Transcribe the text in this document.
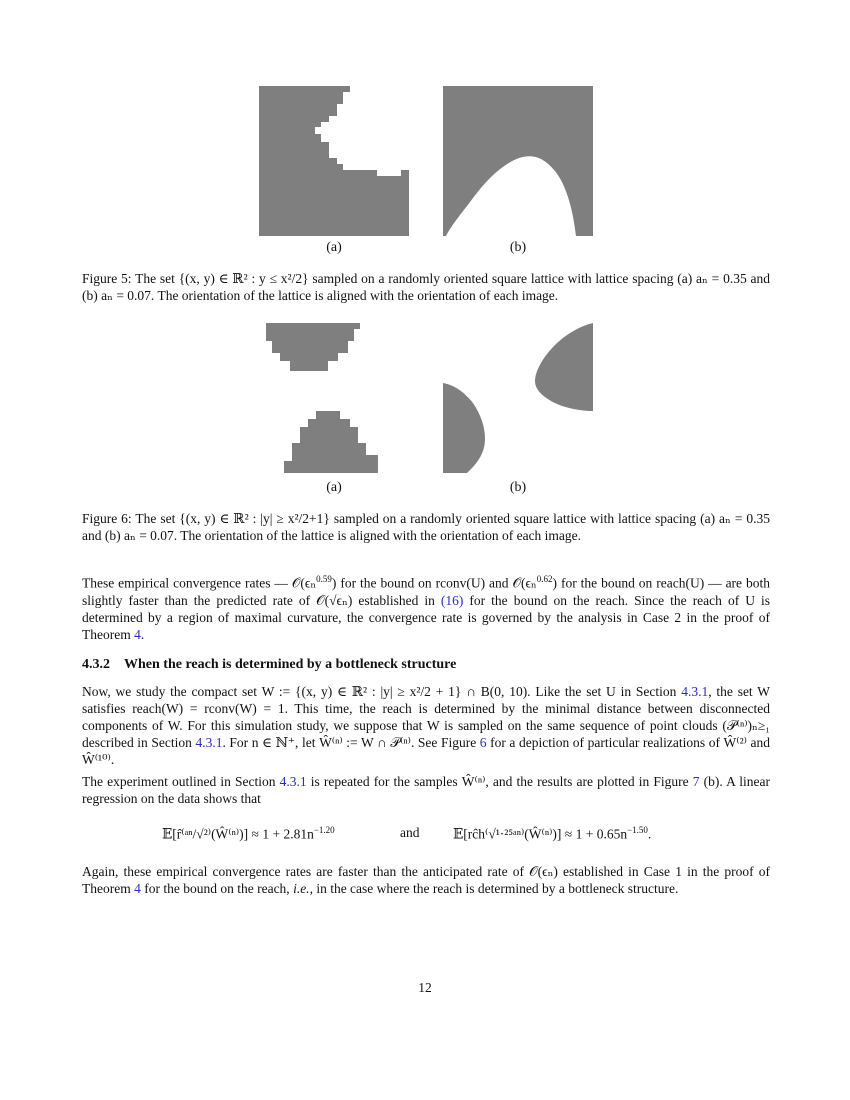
(a)	(b)
Figure 5: The set {(x, y) ∈ ℝ² : y ≤ x²/2} sampled on a randomly oriented square lattice with lattice spacing (a) aₙ = 0.35 and (b) aₙ = 0.07. The orientation of the lattice is aligned with the orientation of each image.
(a)	(b)
Figure 6: The set {(x, y) ∈ ℝ² : |y| ≥ x²/2+1} sampled on a randomly oriented square lattice with lattice spacing (a) aₙ = 0.35 and (b) aₙ = 0.07. The orientation of the lattice is aligned with the orientation of each image.
These empirical convergence rates — 𝒪(ϵₙ$^{0.59}$) for the bound on rconv(U) and 𝒪(ϵₙ$^{0.62}$) for the bound on reach(U) — are both slightly faster than the predicted rate of 𝒪(√ϵₙ) established in (16) for the bound on the reach. Since the reach of U is determined by a region of maximal curvature, the convergence rate is governed by the analysis in Case 2 in the proof of Theorem 4.
4.3.2 When the reach is determined by a bottleneck structure
Now, we study the compact set W := {(x, y) ∈ ℝ² : |y| ≥ x²/2 + 1} ∩ B(0, 10). Like the set U in Section 4.3.1, the set W satisfies reach(W) = rconv(W) = 1. This time, the reach is determined by the minimal distance between disconnected components of W. For this simulation study, we suppose that W is sampled on the same sequence of point clouds (𝒫⁽ⁿ⁾)ₙ≥₁ described in Section 4.3.1. For n ∈ ℕ⁺, let Ŵ⁽ⁿ⁾ := W ∩ 𝒫⁽ⁿ⁾. See Figure 6 for a depiction of particular realizations of Ŵ⁽²⁾ and Ŵ⁽¹⁰⁾.
The experiment outlined in Section 4.3.1 is repeated for the samples Ŵ⁽ⁿ⁾, and the results are plotted in Figure 7 (b). A linear regression on the data shows that
𝔼[r̂⁽ᵃⁿ/√²⁾(Ŵ⁽ⁿ⁾)] ≈ $1 + 2.81n^{-1.20}$	and 𝔼[rĉh⁽√¹·²⁵ᵃⁿ⁾(Ŵ⁽ⁿ⁾)] ≈ $1 + 0.65n^{-1.50}$.
Again, these empirical convergence rates are faster than the anticipated rate of 𝒪(ϵₙ) established in Case 1 in the proof of Theorem 4 for the bound on the reach, i.e., in the case where the reach is determined by a bottleneck structure.
12
